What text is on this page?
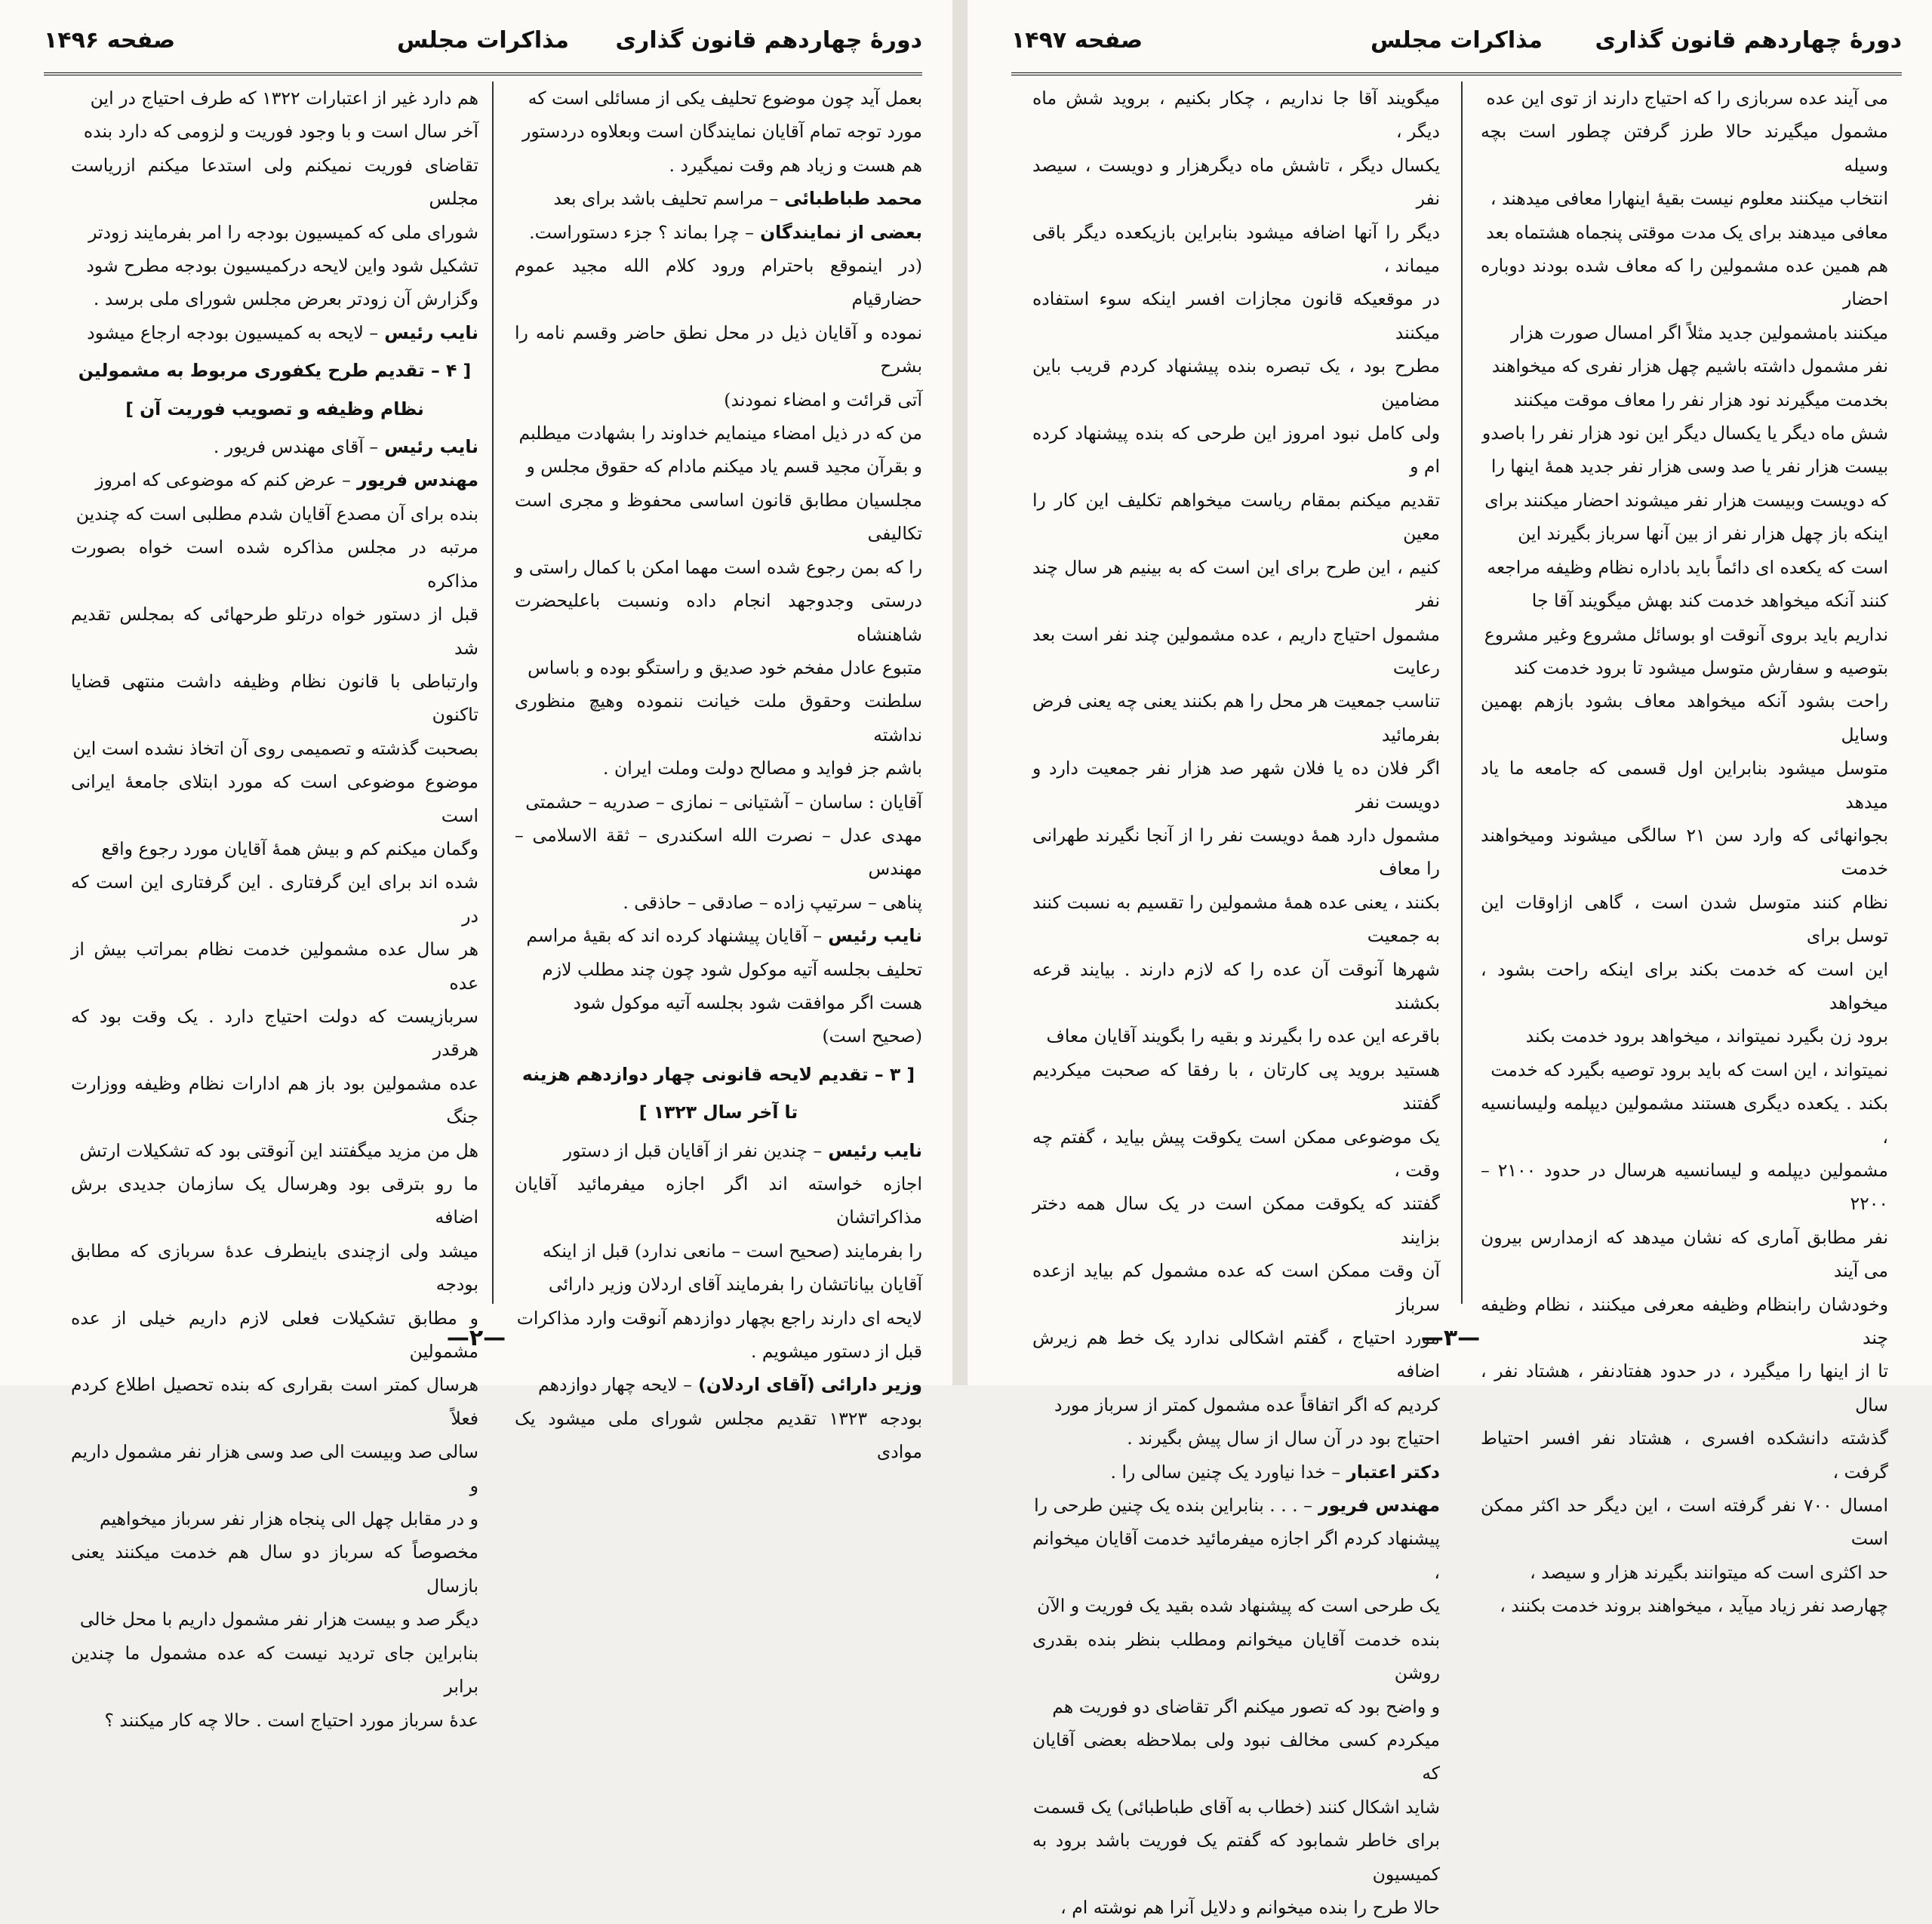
دورهٔ چهاردهم قانون گذاری
مذاکرات مجلس
صفحه ۱۴۹۶

بعمل آید چون موضوع تحلیف یکی از مسائلی است که

مورد توجه تمام آقایان نمایندگان است وبعلاوه دردستور

هم هست و زیاد هم وقت نمیگیرد .

محمد طباطبائی – مراسم تحلیف باشد برای بعد

بعضی از نمایندگان – چرا بماند ؟ جزء دستوراست.

(در اینموقع باحترام ورود کلام الله مجید عموم حضارقیام

نموده و آقایان ذیل در محل نطق حاضر وقسم نامه را بشرح

آتی قرائت و امضاء نمودند)

من که در ذیل امضاء مینمایم خداوند را بشهادت میطلبم

و بقرآن مجید قسم یاد میکنم مادام که حقوق مجلس و

مجلسیان مطابق قانون اساسی محفوظ و مجری است تکالیفی

را که بمن رجوع شده است مهما امکن با کمال راستی و

درستی وجدوجهد انجام داده ونسبت باعلیحضرت شاهنشاه

متبوع عادل مفخم خود صدیق و راستگو بوده و باساس

سلطنت وحقوق ملت خیانت ننموده وهیچ منظوری نداشته

باشم جز فواید و مصالح دولت وملت ایران .

آقایان : ساسان – آشتیانی – نمازی – صدریه – حشمتی

مهدی عدل – نصرت الله اسکندری – ثقة الاسلامی – مهندس

پناهی – سرتیپ زاده – صادقی – حاذقی .

نایب رئیس – آقایان پیشنهاد کرده اند که بقیهٔ مراسم

تحلیف بجلسه آتیه موکول شود چون چند مطلب لازم

هست اگر موافقت شود بجلسه آتیه موکول شود

(صحیح است)

[ ۳ – تقدیم لایحه قانونی چهار دوازدهم هزینه

تا آخر سال ۱۳۲۳ ]

نایب رئیس – چندین نفر از آقایان قبل از دستور

اجازه خواسته اند اگر اجازه میفرمائید آقایان مذاکراتشان

را بفرمایند (صحیح است – مانعی ندارد) قبل از اینکه

آقایان بیاناتشان را بفرمایند آقای اردلان وزیر دارائی

لایحه ای دارند راجع بچهار دوازدهم آنوقت وارد مذاکرات

قبل از دستور میشویم .

وزیر دارائی (آقای اردلان) – لایحه چهار دوازدهم

بودجه ۱۳۲۳ تقدیم مجلس شورای ملی میشود یک موادی

هم دارد غیر از اعتبارات ۱۳۲۲ که طرف احتیاج در این

آخر سال است و با وجود فوریت و لزومی که دارد بنده

تقاضای فوریت نمیکنم ولی استدعا میکنم ازریاست مجلس

شورای ملی که کمیسیون بودجه را امر بفرمایند زودتر

تشکیل شود واین لایحه درکمیسیون بودجه مطرح شود

وگزارش آن زودتر بعرض مجلس شورای ملی برسد .

نایب رئیس – لایحه به کمیسیون بودجه ارجاع میشود

[ ۴ – تقدیم طرح یکفوری مربوط به مشمولین

نظام وظیفه و تصویب فوریت آن ]

نایب رئیس – آقای مهندس فریور .

مهندس فریور – عرض کنم که موضوعی که امروز

بنده برای آن مصدع آقایان شدم مطلبی است که چندین

مرتبه در مجلس مذاکره شده است خواه بصورت مذاکره

قبل از دستور خواه درتلو طرحهائی که بمجلس تقدیم شد

وارتباطی با قانون نظام وظیفه داشت منتهی قضایا تاکنون

بصحبت گذشته و تصمیمی روی آن اتخاذ نشده است این

موضوع موضوعی است که مورد ابتلای جامعهٔ ایرانی است

وگمان میکنم کم و بیش همهٔ آقایان مورد رجوع واقع

شده اند برای این گرفتاری . این گرفتاری این است که در

هر سال عده مشمولین خدمت نظام بمراتب بیش از عده

سربازیست که دولت احتیاج دارد . یک وقت بود که هرقدر

عده مشمولین بود باز هم ادارات نظام وظیفه ووزارت جنگ

هل من مزید میگفتند این آنوقتی بود که تشکیلات ارتش

ما رو بترقی بود وهرسال یک سازمان جدیدی برش اضافه

میشد ولی ازچندی باینطرف عدهٔ سربازی که مطابق بودجه

و مطابق تشکیلات فعلی لازم داریم خیلی از عده مشمولین

هرسال کمتر است بقراری که بنده تحصیل اطلاع کردم فعلاً

سالی صد وبیست الی صد وسی هزار نفر مشمول داریم و

و در مقابل چهل الی پنجاه هزار نفر سرباز میخواهیم

مخصوصاً که سرباز دو سال هم خدمت میکنند یعنی بازسال

دیگر صد و بیست هزار نفر مشمول داریم با محل خالی

بنابراین جای تردید نیست که عده مشمول ما چندین برابر

عدهٔ سرباز مورد احتیاج است . حالا چه کار میکنند ؟

—۲—
دورهٔ چهاردهم قانون گذاری
مذاکرات مجلس
صفحه ۱۴۹۷

می آیند عده سربازی را که احتیاج دارند از توی این عده

مشمول میگیرند حالا طرز گرفتن چطور است بچه وسیله

انتخاب میکنند معلوم نیست بقیهٔ اینهارا معافی میدهند ،

معافی میدهند برای یک مدت موقتی پنجماه هشتماه بعد

هم همین عده مشمولین را که معاف شده بودند دوباره احضار

میکنند بامشمولین جدید مثلاً اگر امسال صورت هزار

نفر مشمول داشته باشیم چهل هزار نفری که میخواهند

بخدمت میگیرند نود هزار نفر را معاف موقت میکنند

شش ماه دیگر یا یکسال دیگر این نود هزار نفر را باصدو

بیست هزار نفر یا صد وسی هزار نفر جدید همهٔ اینها را

که دویست وبیست هزار نفر میشوند احضار میکنند برای

اینکه باز چهل هزار نفر از بین آنها سرباز بگیرند این

است که یکعده ای دائماً باید باداره نظام وظیفه مراجعه

کنند آنکه میخواهد خدمت کند بهش میگویند آقا جا

نداریم باید بروی آنوقت او بوسائل مشروع وغیر مشروع

بتوصیه و سفارش متوسل میشود تا برود خدمت کند

راحت بشود آنکه میخواهد معاف بشود بازهم بهمین وسایل

متوسل میشود بنابراین اول قسمی که جامعه ما یاد میدهد

بجوانهائی که وارد سن ۲۱ سالگی میشوند ومیخواهند خدمت

نظام کنند متوسل شدن است ، گاهی ازاوقات این توسل برای

این است که خدمت بکند برای اینکه راحت بشود ، میخواهد

برود زن بگیرد نمیتواند ، میخواهد برود خدمت بکند

نمیتواند ، این است که باید برود توصیه بگیرد که خدمت

بکند . یکعده دیگری هستند مشمولین دیپلمه ولیسانسیه ،

مشمولین دیپلمه و لیسانسیه هرسال در حدود ۲۱۰۰ – ۲۲۰۰

نفر مطابق آماری که نشان میدهد که ازمدارس بیرون می آیند

وخودشان رابنظام وظیفه معرفی میکنند ، نظام وظیفه چند

تا از اینها را میگیرد ، در حدود هفتادنفر ، هشتاد نفر ، سال

گذشته دانشکده افسری ، هشتاد نفر افسر احتیاط گرفت ،

امسال ۷۰۰ نفر گرفته است ، این دیگر حد اکثر ممکن است

حد اکثری است که میتوانند بگیرند هزار و سیصد ،

چهارصد نفر زیاد میآید ، میخواهند بروند خدمت بکنند ،

میگویند آقا جا نداریم ، چکار بکنیم ، بروید شش ماه دیگر ،

یکسال دیگر ، تاشش ماه دیگرهزار و دویست ، سیصد نفر

دیگر را آنها اضافه میشود بنابراین بازیکعده دیگر باقی میماند ،

در موقعیکه قانون مجازات افسر اینکه سوء استفاده میکنند

مطرح بود ، یک تبصره بنده پیشنهاد کردم قریب باین مضامین

ولی کامل نبود امروز این طرحی که بنده پیشنهاد کرده ام و

تقدیم میکنم بمقام ریاست میخواهم تکلیف این کار را معین

کنیم ، این طرح برای این است که به بینیم هر سال چند نفر

مشمول احتیاج داریم ، عده مشمولین چند نفر است بعد رعایت

تناسب جمعیت هر محل را هم بکنند یعنی چه یعنی فرض بفرمائید

اگر فلان ده یا فلان شهر صد هزار نفر جمعیت دارد و دویست نفر

مشمول دارد همهٔ دویست نفر را از آنجا نگیرند طهرانی را معاف

بکنند ، یعنی عده همهٔ مشمولین را تقسیم به نسبت کنند به جمعیت

شهرها آنوقت آن عده را که لازم دارند . بیایند قرعه بکشند

باقرعه این عده را بگیرند و بقیه را بگویند آقایان معاف

هستید بروید پی کارتان ، با رفقا که صحبت میکردیم گفتند

یک موضوعی ممکن است یکوقت پیش بیاید ، گفتم چه وقت ،

گفتند که یکوقت ممکن است در یک سال همه دختر بزایند

آن وقت ممکن است که عده مشمول کم بیاید ازعده سرباز

مورد احتیاج ، گفتم اشکالی ندارد یک خط هم زیرش اضافه

کردیم که اگر اتفاقاً عده مشمول کمتر از سرباز مورد

احتیاج بود در آن سال از سال پیش بگیرند .

دکتر اعتبار – خدا نیاورد یک چنین سالی را .

مهندس فریور – . . . بنابراین بنده یک چنین طرحی را

پیشنهاد کردم اگر اجازه میفرمائید خدمت آقایان میخوانم ،

یک طرحی است که پیشنهاد شده بقید یک فوریت و الآن

بنده خدمت آقایان میخوانم ومطلب بنظر بنده بقدری روشن

و واضح بود که تصور میکنم اگر تقاضای دو فوریت هم

میکردم کسی مخالف نبود ولی بملاحظه بعضی آقایان که

شاید اشکال کنند (خطاب به آقای طباطبائی) یک قسمت

برای خاطر شمابود که گفتم یک فوریت باشد برود به کمیسیون

حالا طرح را بنده میخوانم و دلایل آنرا هم نوشته ام ،

—۳—
